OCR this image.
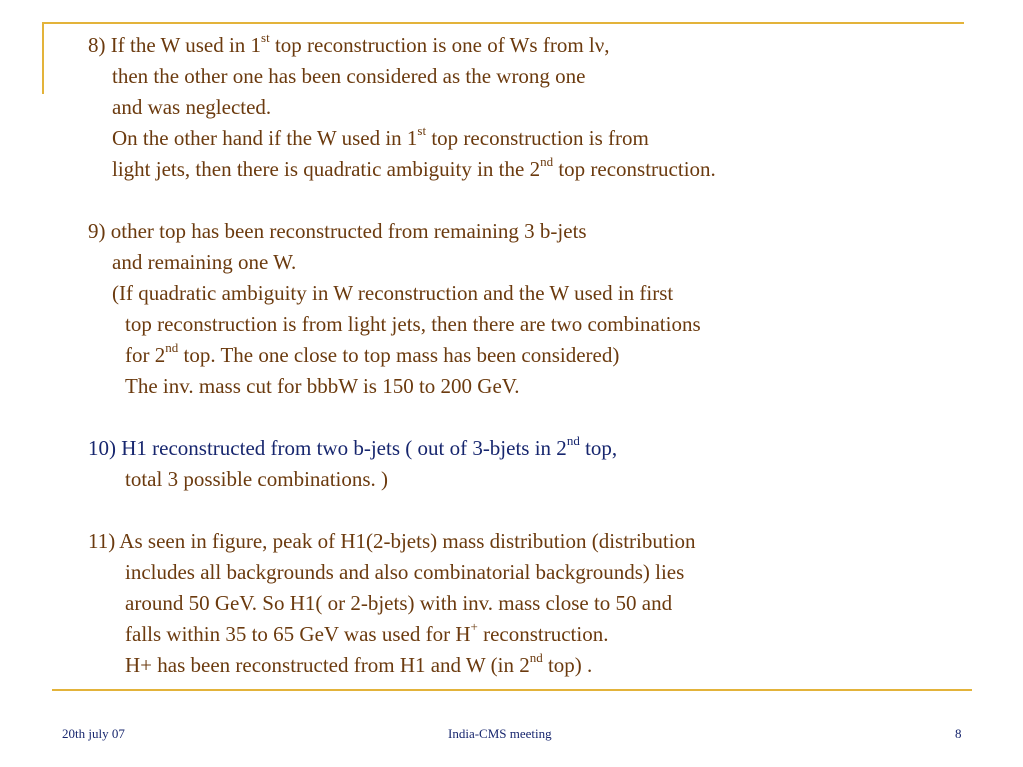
8) If the W used in 1st top reconstruction is one of Ws from lν,
then the other one has been considered as the wrong one
and was neglected.
On the other hand if the W used in 1st top reconstruction is from
light jets, then there is quadratic ambiguity in the 2nd top reconstruction.
9) other top has been reconstructed from remaining 3 b-jets
and remaining one W.
(If quadratic ambiguity in W reconstruction and the W used in first
top reconstruction is from light jets, then there are two combinations
for 2nd top. The one close to top mass has been considered)
The inv. mass cut for bbbW is 150 to 200 GeV.
10) H1 reconstructed from two b-jets ( out of 3-bjets in 2nd top,
total 3 possible combinations. )
11) As seen in figure, peak of H1(2-bjets) mass distribution (distribution
includes all backgrounds and also combinatorial backgrounds) lies
around 50 GeV. So H1( or 2-bjets) with inv. mass close to 50 and
falls within 35 to 65 GeV was used for H+ reconstruction.
H+ has been reconstructed from H1 and W (in 2nd top) .
20th july 07	India-CMS meeting	8
